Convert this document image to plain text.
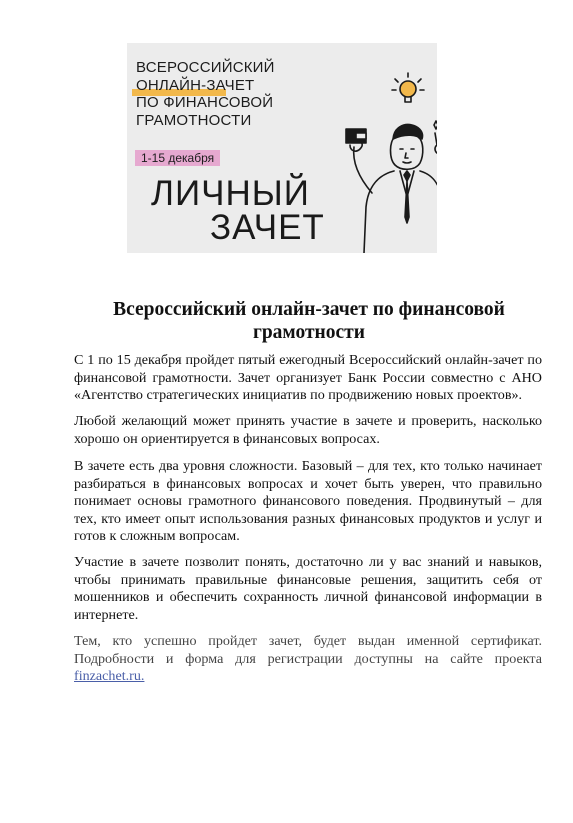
ВСЕРОССИЙСКИЙ
ОНЛАЙН-ЗАЧЕТ
ПО ФИНАНСОВОЙ
ГРАМОТНОСТИ
1-15 декабря
ЛИЧНЫЙ
ЗАЧЕТ
Всероссийский онлайн-зачет по финансовой грамотности

С 1 по 15 декабря пройдет пятый ежегодный Всероссийский онлайн-зачет по финансовой грамотности. Зачет организует Банк России совместно с АНО «Агентство стратегических инициатив по продвижению новых проектов».

Любой желающий может принять участие в зачете и проверить, насколько хорошо он ориентируется в финансовых вопросах.

В зачете есть два уровня сложности. Базовый – для тех, кто только начинает разбираться в финансовых вопросах и хочет быть уверен, что правильно понимает основы грамотного финансового поведения. Продвинутый – для тех, кто имеет опыт использования разных финансовых продуктов и услуг и готов к сложным вопросам.

Участие в зачете позволит понять, достаточно ли у вас знаний и навыков, чтобы принимать правильные финансовые решения, защитить себя от мошенников и обеспечить сохранность личной финансовой информации в интернете.

Тем, кто успешно пройдет зачет, будет выдан именной сертификат. Подробности и форма для регистрации доступны на сайте проекта finzachet.ru.
